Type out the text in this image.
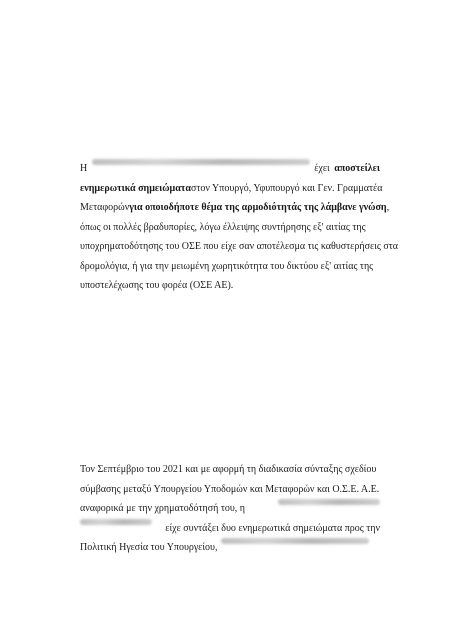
Η	έχει αποστείλει
ενημερωτικά σημειώματα στον Υπουργό, Υφυπουργό και Γεν. Γραμματέα
Μεταφορών για οποιοδήποτε θέμα της αρμοδιότητάς της λάμβανε γνώση,
όπως οι πολλές βραδυπορίες, λόγω έλλειψης συντήρησης εξ' αιτίας της
υποχρηματοδότησης του ΟΣΕ που είχε σαν αποτέλεσμα τις καθυστερήσεις στα
δρομολόγια, ή για την μειωμένη χωρητικότητα του δικτύου εξ' αιτίας της
υποστελέχωσης του φορέα (ΟΣΕ ΑΕ).
Τον Σεπτέμβριο του 2021 και με αφορμή τη διαδικασία σύνταξης σχεδίου
σύμβασης μεταξύ Υπουργείου Υποδομών και Μεταφορών και Ο.Σ.Ε. Α.Ε.
αναφορικά με την χρηματοδότησή του, η
είχε συντάξει δυο ενημερωτικά σημειώματα προς την
Πολιτική Ηγεσία του Υπουργείου,
